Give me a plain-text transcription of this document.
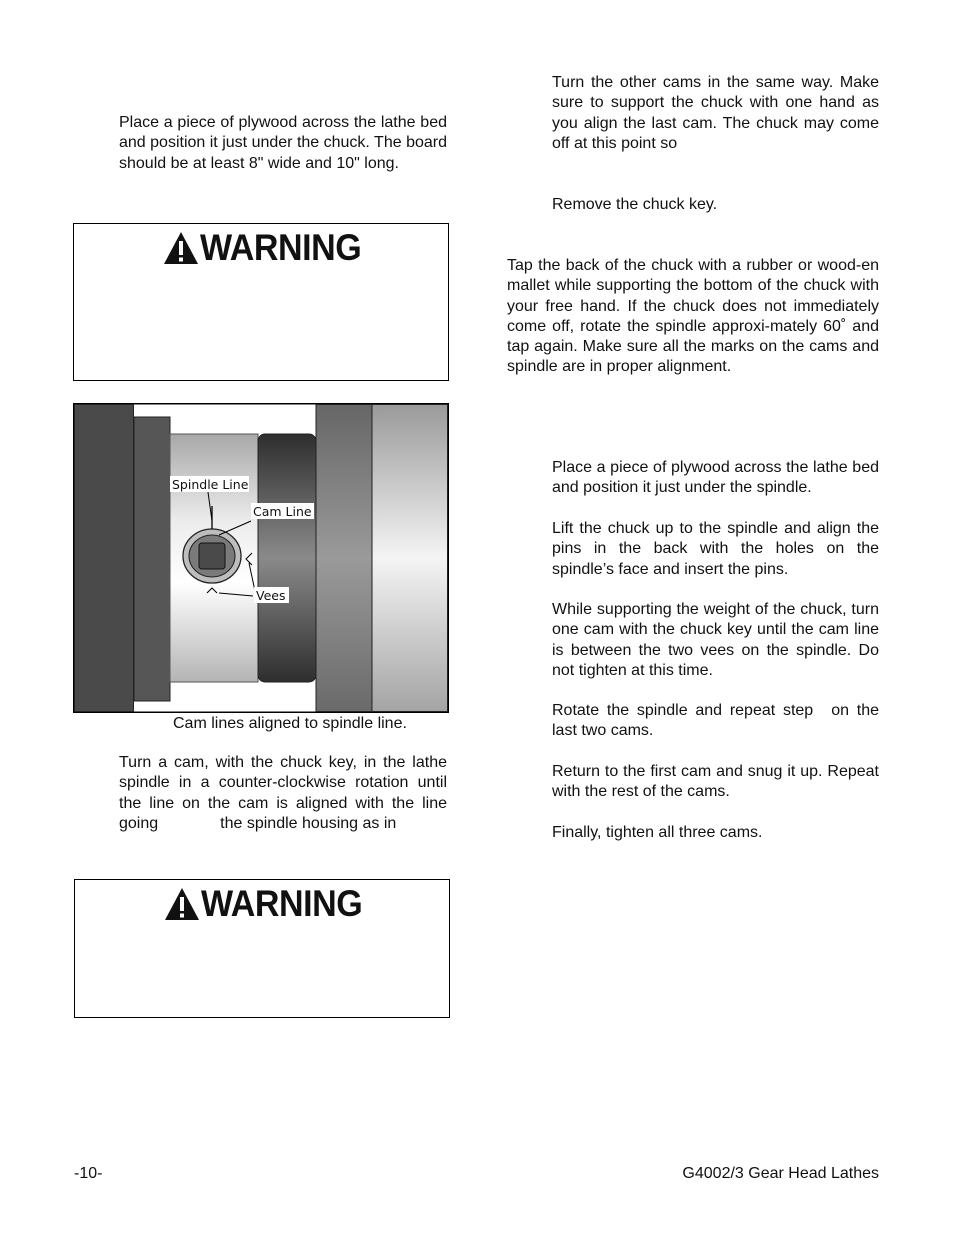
Place a piece of plywood across the lathe bed and position it just under the chuck. The board should be at least 8" wide and 10" long.

WARNING
Spindle Line
Cam Line
Vees
Cam lines aligned to spindle line.

Turn a cam, with the chuck key, in the lathe spindle in a counter-clockwise rotation until the line on the cam is aligned with the line going	the spindle housing as in

WARNING

Turn the other cams in the same way. Make sure to support the chuck with one hand as you align the last cam. The chuck may come off at this point so

Remove the chuck key.

Tap the back of the chuck with a rubber or wood-en mallet while supporting the bottom of the chuck with your free hand. If the chuck does not immediately come off, rotate the spindle approxi-mately 60˚ and tap again. Make sure all the marks on the cams and spindle are in proper alignment.

Place a piece of plywood across the lathe bed and position it just under the spindle.

Lift the chuck up to the spindle and align the pins in the back with the holes on the spindle’s face and insert the pins.

While supporting the weight of the chuck, turn one cam with the chuck key until the cam line is between the two vees on the spindle. Do not tighten at this time.

Rotate the spindle and repeat step on the last two cams.

Return to the first cam and snug it up. Repeat with the rest of the cams.

Finally, tighten all three cams.

-10-	G4002/3 Gear Head Lathes
